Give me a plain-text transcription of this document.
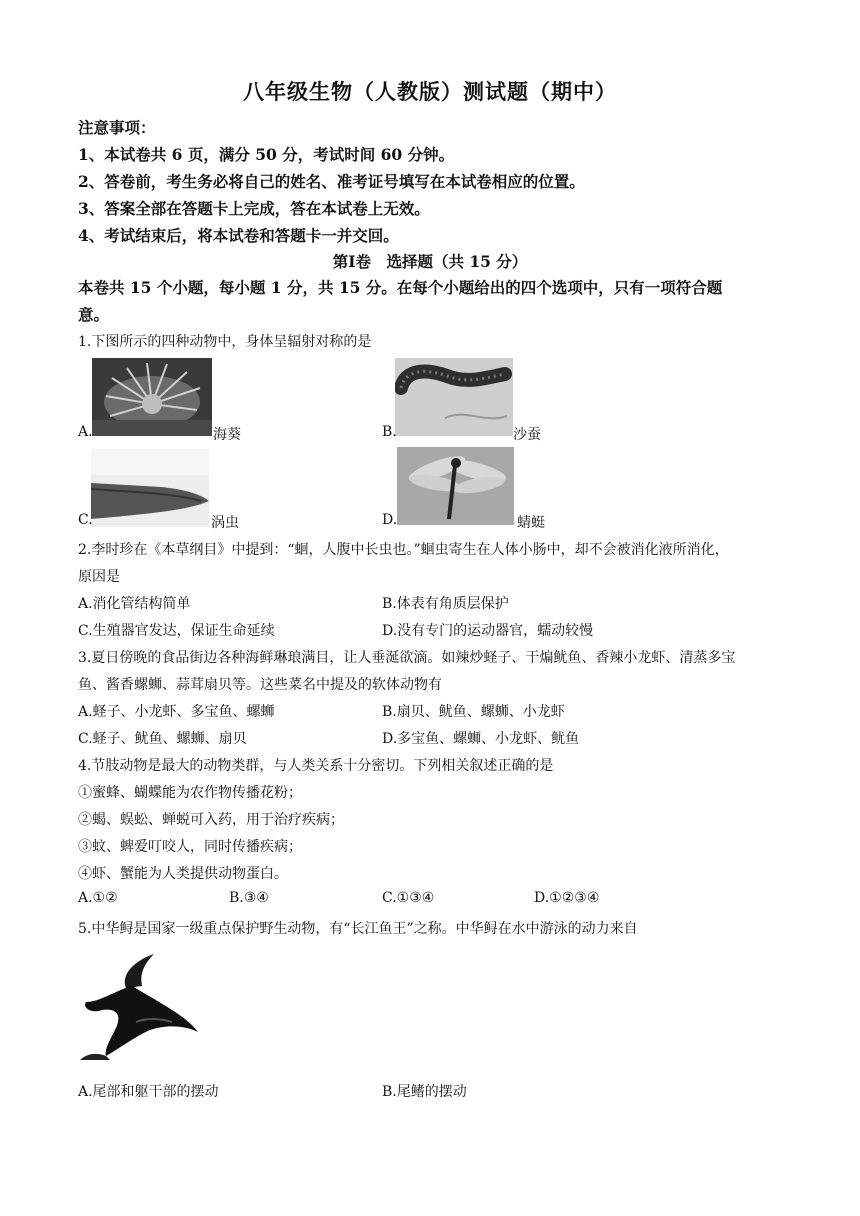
八年级生物（人教版）测试题（期中）
注意事项：
1、本试卷共 6 页，满分 50 分，考试时间 60 分钟。
2、答卷前，考生务必将自己的姓名、准考证号填写在本试卷相应的位置。
3、答案全部在答题卡上完成，答在本试卷上无效。
4、考试结束后，将本试卷和答题卡一并交回。
第Ⅰ卷　选择题（共 15 分）
本卷共 15 个小题，每小题 1 分，共 15 分。在每个小题给出的四个选项中，只有一项符合题
意。
1.下图所示的四种动物中，身体呈辐射对称的是
A.	海葵	B.	沙蚕
C.	涡虫	D.	蜻蜓
2.李时珍在《本草纲目》中提到：“蛔，人腹中长虫也。”蛔虫寄生在人体小肠中，却不会被消化液所消化，
原因是
A.消化管结构简单	B.体表有角质层保护
C.生殖器官发达，保证生命延续	D.没有专门的运动器官，蠕动较慢
3.夏日傍晚的食品街边各种海鲜琳琅满目，让人垂涎欲滴。如辣炒蛏子、干煸鱿鱼、香辣小龙虾、清蒸多宝
鱼、酱香螺蛳、蒜茸扇贝等。这些菜名中提及的软体动物有
A.蛏子、小龙虾、多宝鱼、螺蛳	B.扇贝、鱿鱼、螺蛳、小龙虾
C.蛏子、鱿鱼、螺蛳、扇贝	D.多宝鱼、螺蛳、小龙虾、鱿鱼
4.节肢动物是最大的动物类群，与人类关系十分密切。下列相关叙述正确的是
①蜜蜂、蝴蝶能为农作物传播花粉；
②蝎、蜈蚣、蝉蜕可入药，用于治疗疾病；
③蚊、蜱爱叮咬人，同时传播疾病；
④虾、蟹能为人类提供动物蛋白。
A.①②	B.③④	C.①③④	D.①②③④
5.中华鲟是国家一级重点保护野生动物，有“长江鱼王”之称。中华鲟在水中游泳的动力来自
A.尾部和躯干部的摆动	B.尾鳍的摆动
